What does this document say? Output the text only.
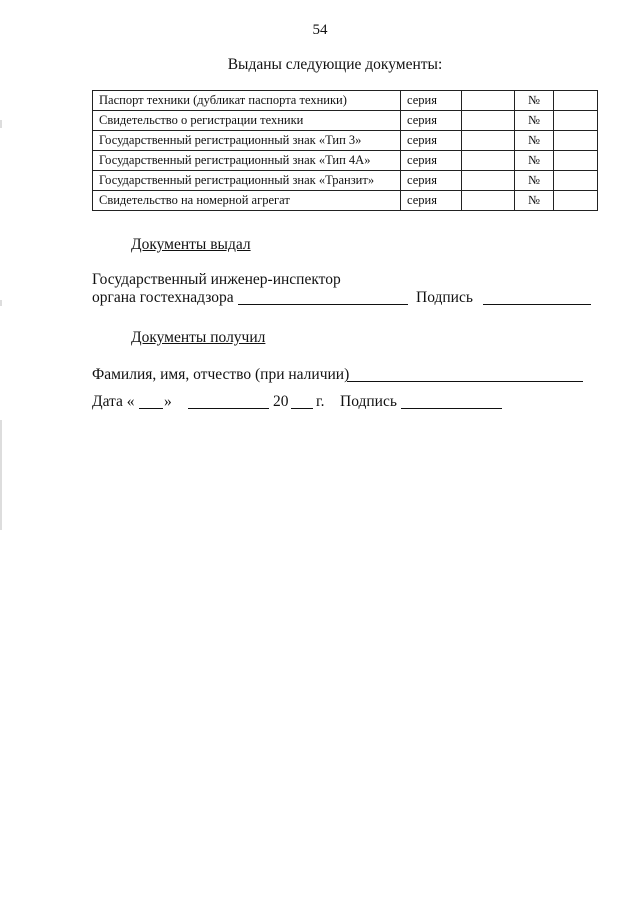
54
Выданы следующие документы:
Паспорт техники (дубликат паспорта техники)	серия		№	
Свидетельство о регистрации техники	серия		№	
Государственный регистрационный знак «Тип 3»	серия		№	
Государственный регистрационный знак «Тип 4А»	серия		№	
Государственный регистрационный знак «Транзит»	серия		№	
Свидетельство на номерной агрегат	серия		№	
Документы выдал
Государственный инженер-инспектор
органа гостехнадзора	Подпись
Документы получил
Фамилия, имя, отчество (при наличии)
Дата « »	20 г. Подпись
